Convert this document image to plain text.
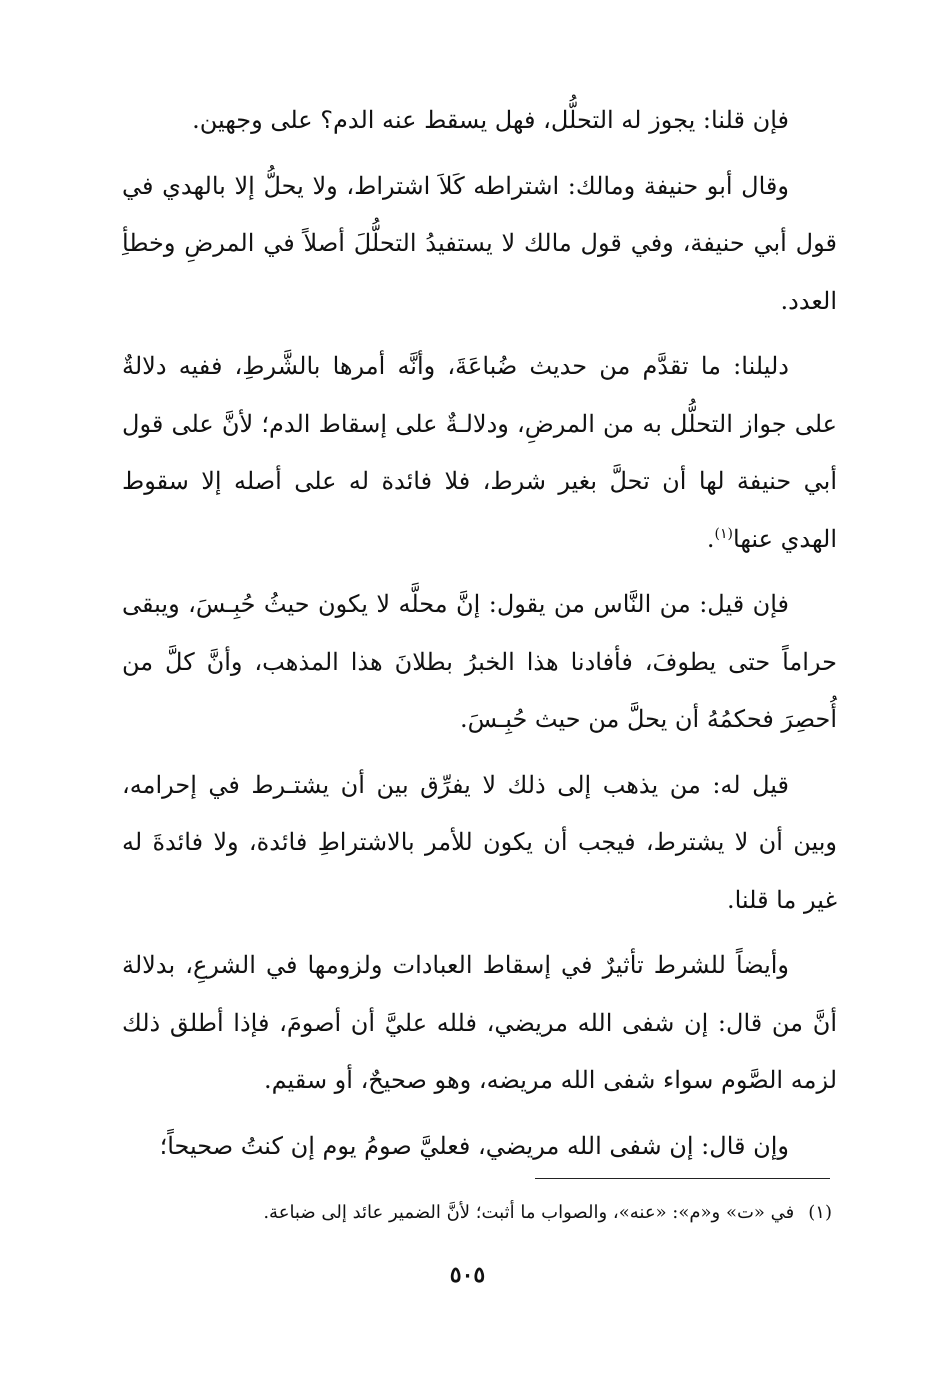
فإن قلنا: يجوز له التحلُّل، فهل يسقط عنه الدم؟ على وجهين.

وقال أبو حنيفة ومالك: اشتراطه كَلاَ اشتراط، ولا يحلُّ إلا بالهدي في قول أبي حنيفة، وفي قول مالك لا يستفيدُ التحلُّلَ أصلاً في المرضِ وخطأِ العدد.

دليلنا: ما تقدَّم من حديث ضُباعَةَ، وأنَّه أمرها بالشَّرطِ، ففيه دلالةٌ على جواز التحلُّل به من المرضِ، ودلالـةٌ على إسقاط الدم؛ لأنَّ على قول أبي حنيفة لها أن تحلَّ بغير شرط، فلا فائدة له على أصله إلا سقوط الهدي عنها$^{(١)}$.

فإن قيل: من النَّاس من يقول: إنَّ محلَّه لا يكون حيثُ حُبِـسَ، ويبقى حراماً حتى يطوفَ، فأفادنا هذا الخبرُ بطلانَ هذا المذهب، وأنَّ كلَّ من أُحصِرَ فحكمُهُ أن يحلَّ من حيث حُبِـسَ.

قيل له: من يذهب إلى ذلك لا يفرِّق بين أن يشتـرط في إحرامه، وبين أن لا يشترط، فيجب أن يكون للأمر بالاشتراطِ فائدة، ولا فائدةَ له غير ما قلنا.

وأيضاً للشرط تأثيرٌ في إسقاط العبادات ولزومها في الشرعِ، بدلالة أنَّ من قال: إن شفى الله مريضي، فلله عليَّ أن أصومَ، فإذا أطلق ذلك لزمه الصَّوم سواء شفى الله مريضه، وهو صحيحٌ، أو سقيم.

وإن قال: إن شفى الله مريضي، فعليَّ صومُ يوم إن كنتُ صحيحاً؛

(١)في «ت» و«م»: «عنه»، والصواب ما أثبت؛ لأنَّ الضمير عائد إلى ضباعة.
٥٠٥
